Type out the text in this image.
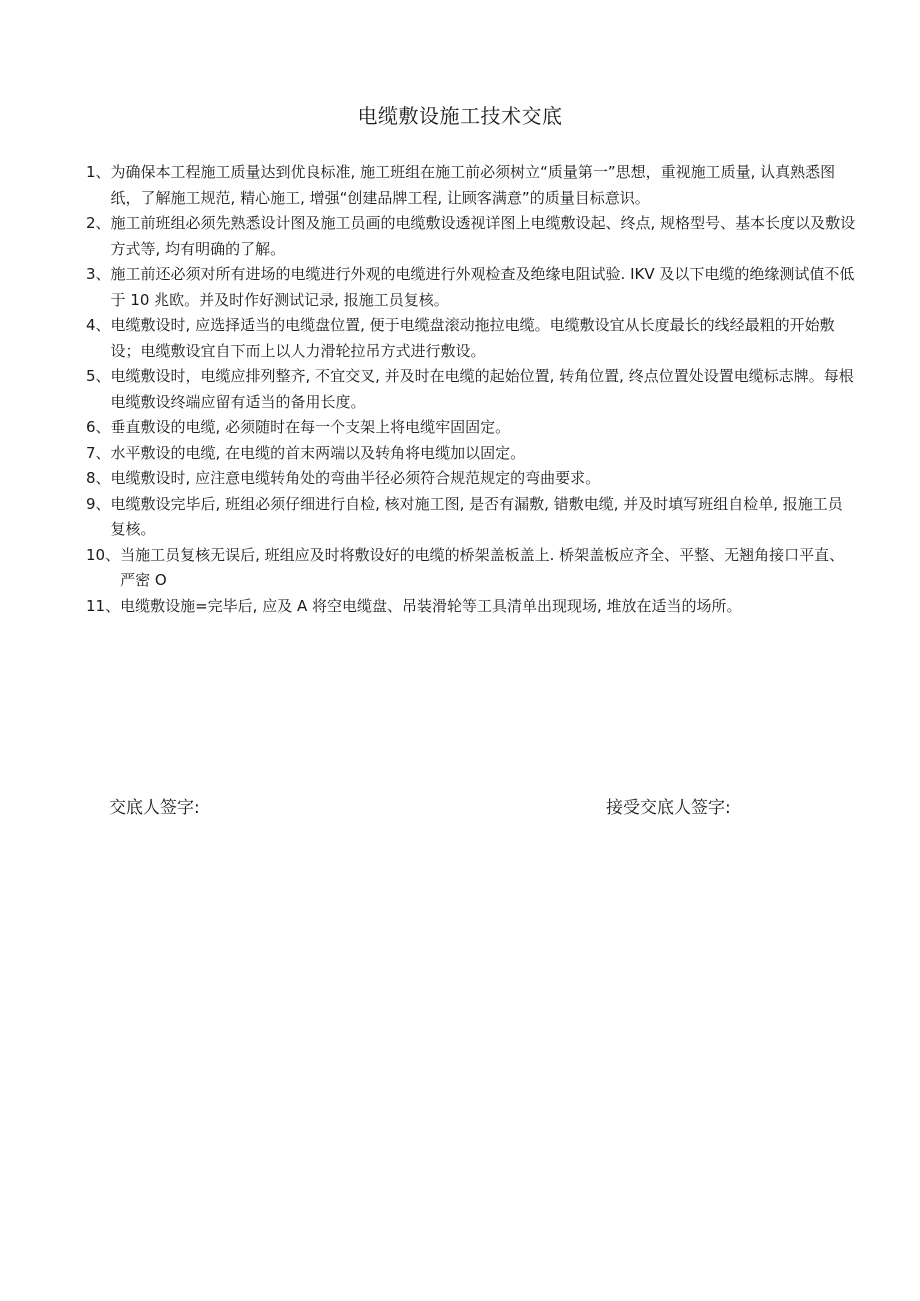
电缆敷设施工技术交底
1、 为确保本工程施工质量达到优良标准, 施工班组在施工前必须树立“质量第一”思想，重视施工质量, 认真熟悉图纸，了解施工规范, 精心施工, 增强“创建品牌工程, 让顾客满意”的质量目标意识。
2、 施工前班组必须先熟悉设计图及施工员画的电缆敷设透视详图上电缆敷设起、终点, 规格型号、基本长度以及敷设方式等, 均有明确的了解。
3、 施工前还必须对所有进场的电缆进行外观的电缆进行外观检查及绝缘电阻试验. IKV 及以下电缆的绝缘测试值不低于 10 兆欧。并及时作好测试记录, 报施工员复核。
4、 电缆敷设时, 应选择适当的电缆盘位置, 便于电缆盘滚动拖拉电缆。电缆敷设宜从长度最长的线经最粗的开始敷设；电缆敷设宜自下而上以人力滑轮拉吊方式进行敷设。
5、 电缆敷设时，电缆应排列整齐, 不宜交叉, 并及时在电缆的起始位置, 转角位置, 终点位置处设置电缆标志牌。每根电缆敷设终端应留有适当的备用长度。
6、 垂直敷设的电缆, 必须随时在每一个支架上将电缆牢固固定。
7、 水平敷设的电缆, 在电缆的首末两端以及转角将电缆加以固定。
8、 电缆敷设时, 应注意电缆转角处的弯曲半径必须符合规范规定的弯曲要求。
9、 电缆敷设完毕后, 班组必须仔细进行自检, 核对施工图, 是否有漏敷, 错敷电缆, 并及时填写班组自检单, 报施工员复核。
10、 当施工员复核无误后, 班组应及时将敷设好的电缆的桥架盖板盖上. 桥架盖板应齐全、平整、无翘角接口平直、严密 O
11、 电缆敷设施=完毕后, 应及 A 将空电缆盘、吊装滑轮等工具清单出现现场, 堆放在适当的场所。
交底人签字:	接受交底人签字:
